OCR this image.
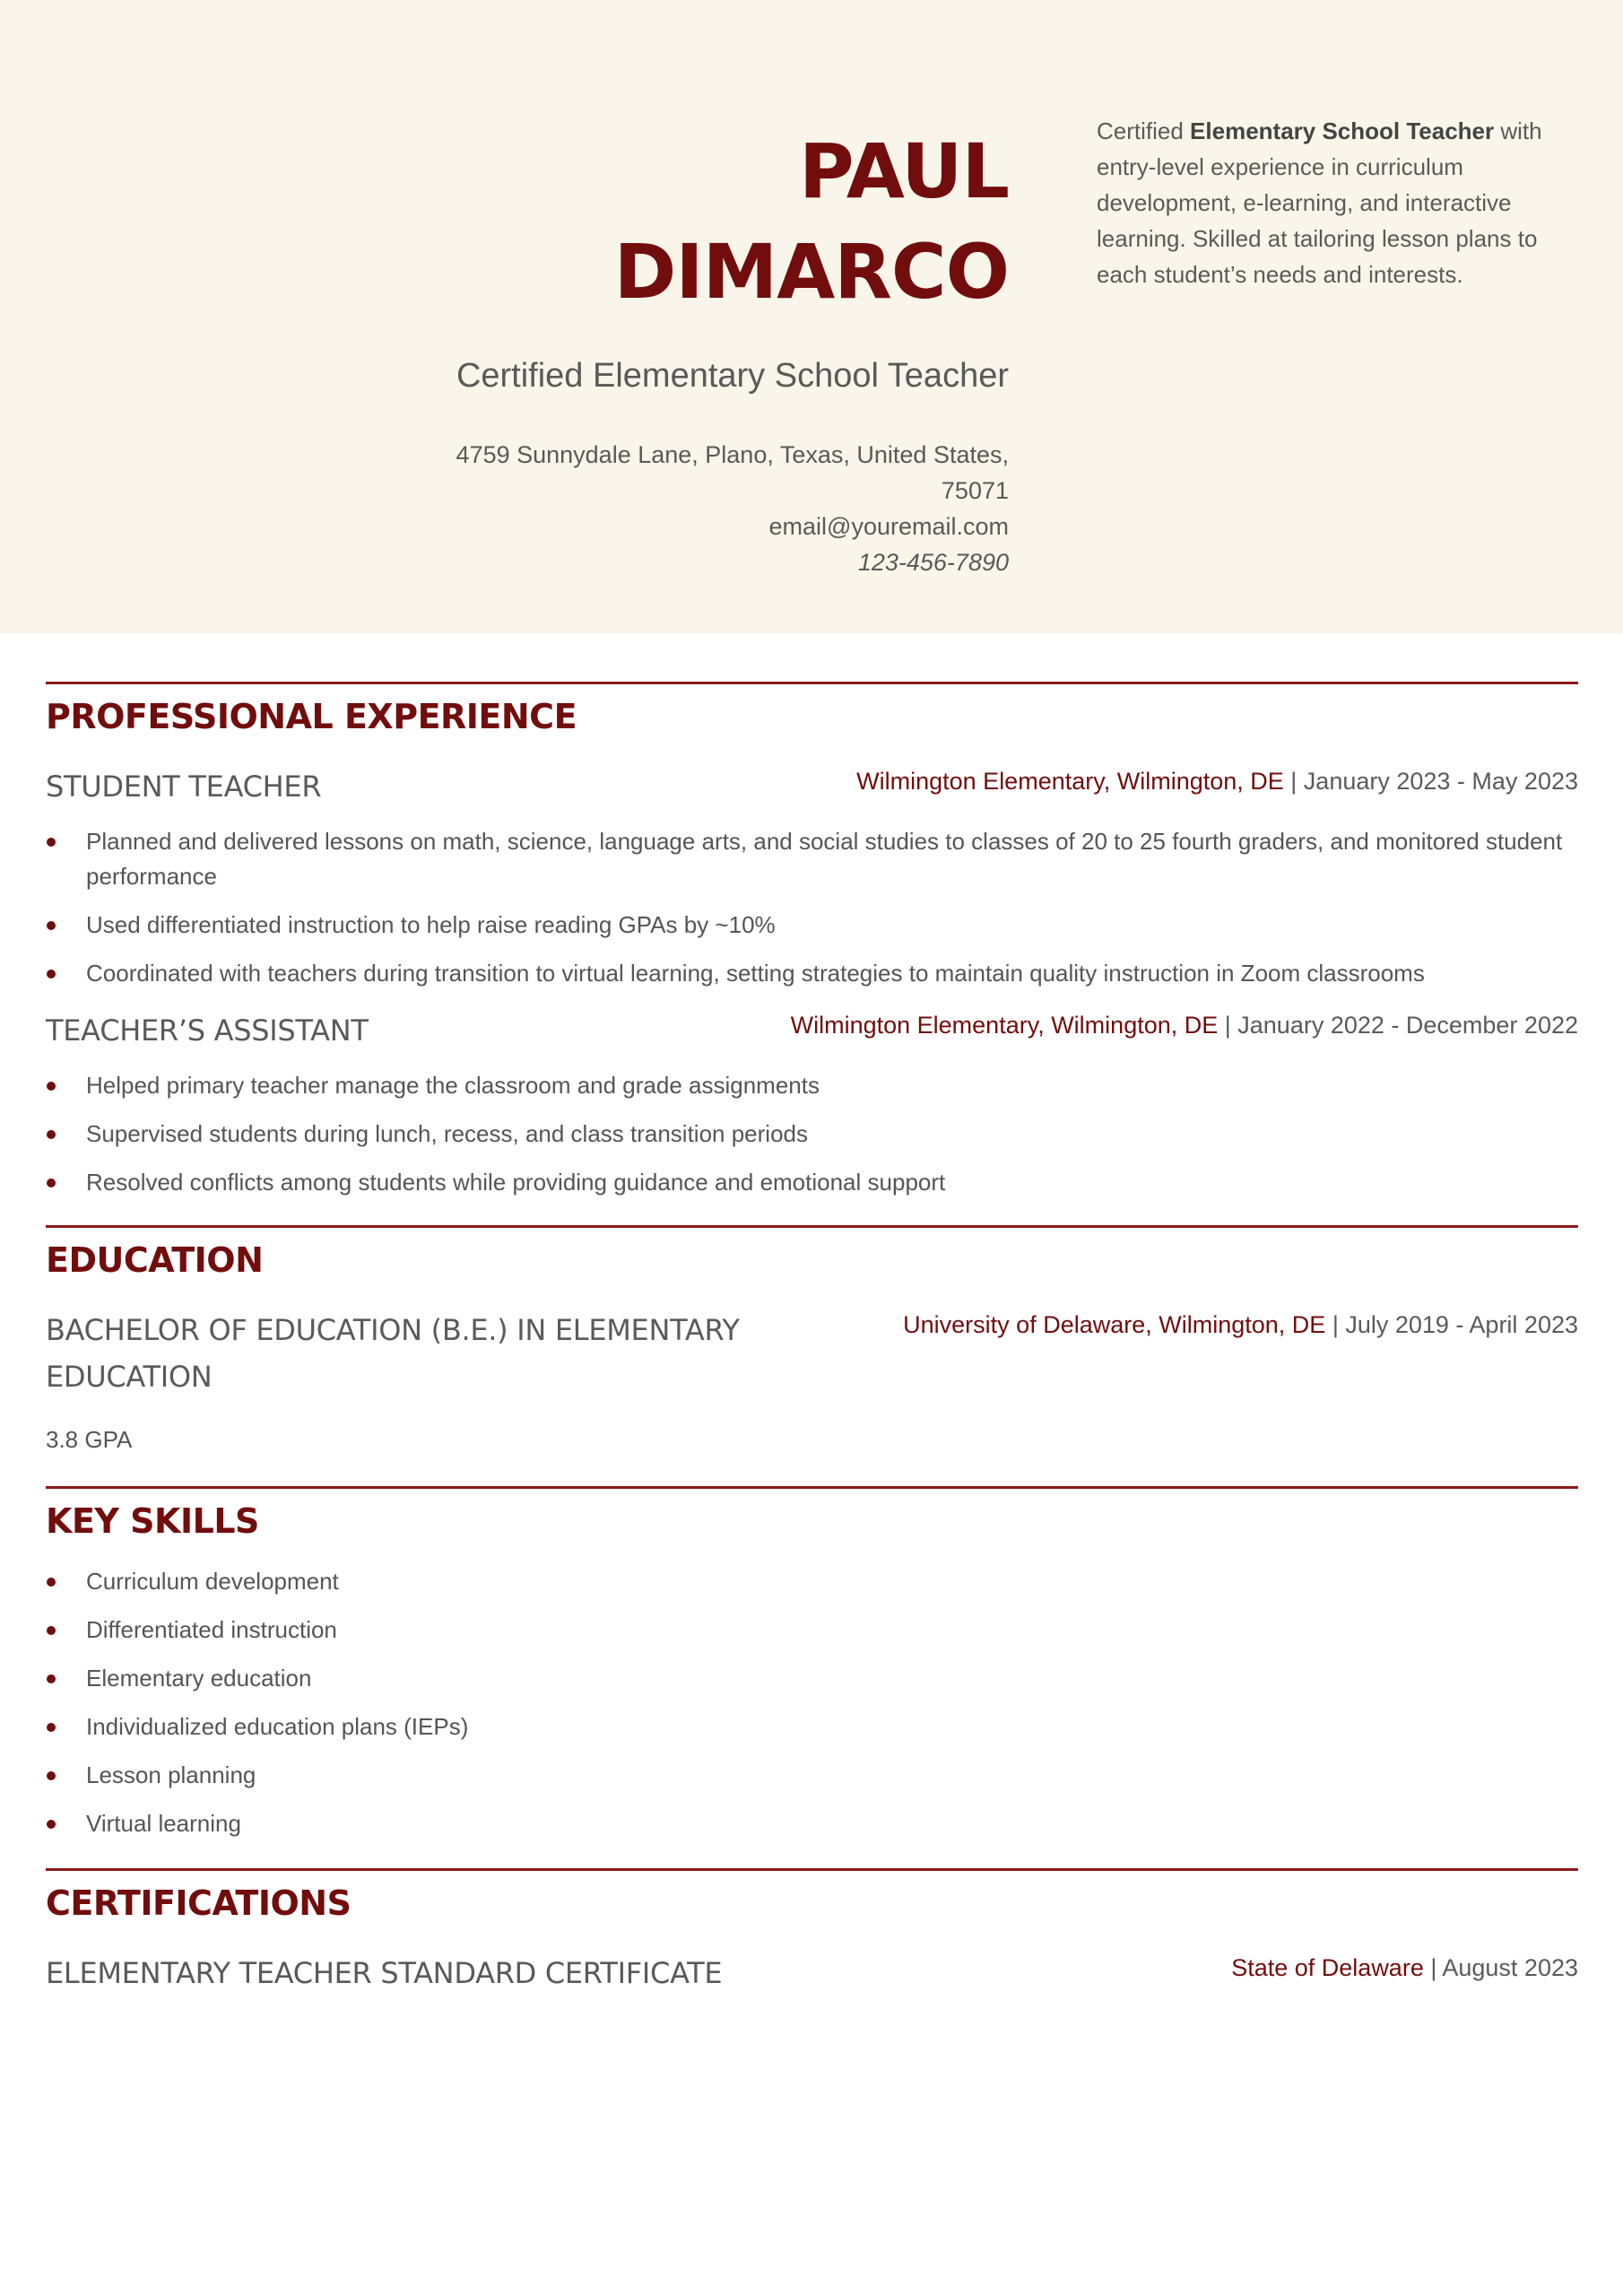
PAUL
DIMARCO
Certified Elementary School Teacher
4759 Sunnydale Lane, Plano, Texas, United States,
75071
email@youremail.com
123-456-7890
Certified Elementary School Teacher with entry-level experience in curriculum development, e-learning, and interactive learning. Skilled at tailoring lesson plans to each student’s needs and interests.
PROFESSIONAL EXPERIENCE
STUDENT TEACHER	Wilmington Elementary, Wilmington, DE | January 2023 - May 2023
Planned and delivered lessons on math, science, language arts, and social studies to classes of 20 to 25 fourth graders, and monitored student performance
Used differentiated instruction to help raise reading GPAs by ~10%
Coordinated with teachers during transition to virtual learning, setting strategies to maintain quality instruction in Zoom classrooms
TEACHER’S ASSISTANT	Wilmington Elementary, Wilmington, DE | January 2022 - December 2022
Helped primary teacher manage the classroom and grade assignments
Supervised students during lunch, recess, and class transition periods
Resolved conflicts among students while providing guidance and emotional support
EDUCATION
BACHELOR OF EDUCATION (B.E.) IN ELEMENTARY
EDUCATION
University of Delaware, Wilmington, DE | July 2019 - April 2023
3.8 GPA
KEY SKILLS
Curriculum development
Differentiated instruction
Elementary education
Individualized education plans (IEPs)
Lesson planning
Virtual learning
CERTIFICATIONS
ELEMENTARY TEACHER STANDARD CERTIFICATE	State of Delaware | August 2023
